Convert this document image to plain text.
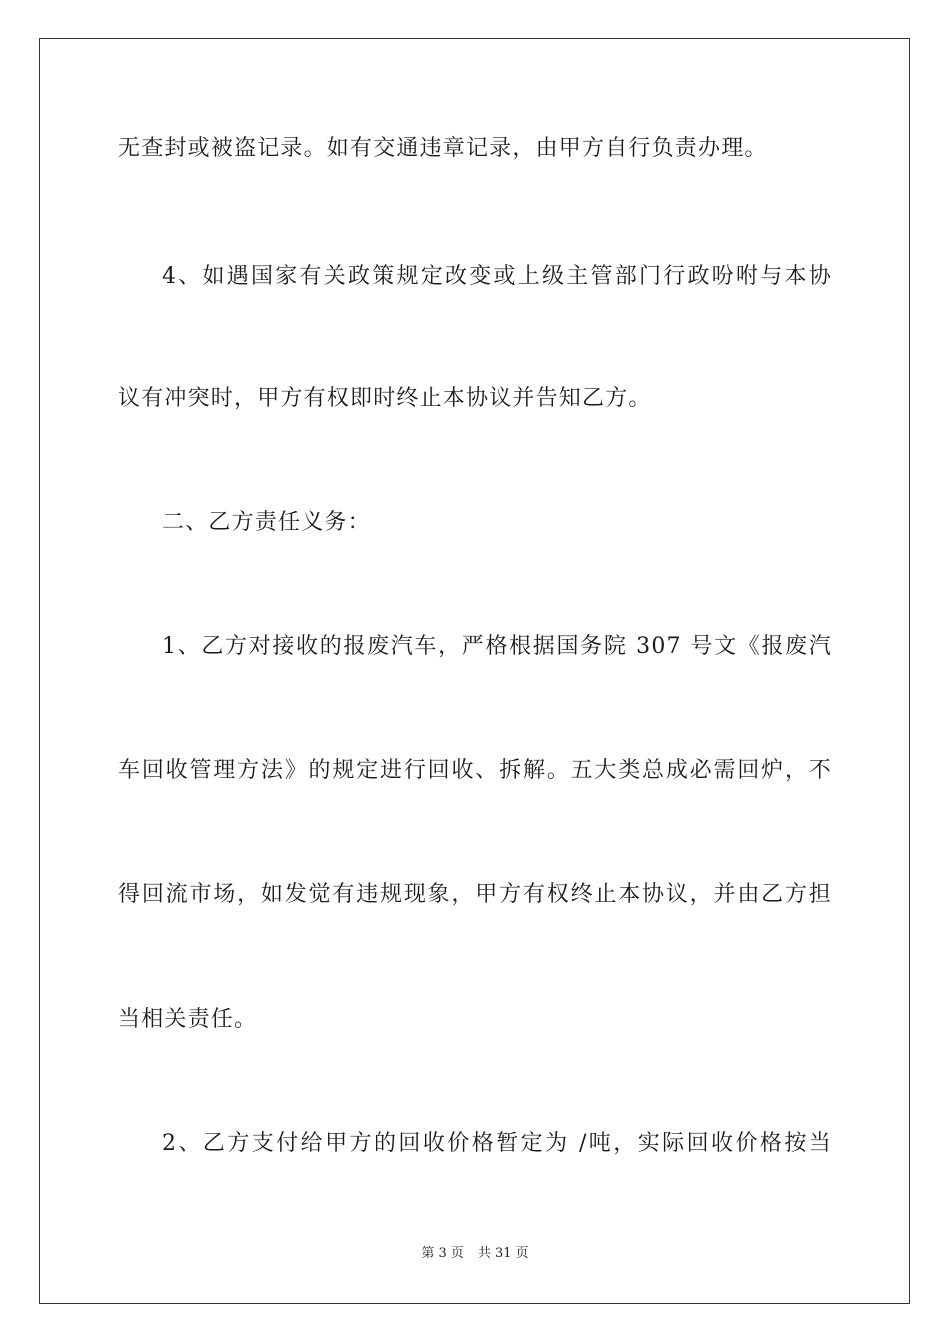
无查封或被盗记录。如有交通违章记录，由甲方自行负责办理。
4、如遇国家有关政策规定改变或上级主管部门行政吩咐与本协
议有冲突时，甲方有权即时终止本协议并告知乙方。
二、乙方责任义务：
1、乙方对接收的报废汽车，严格根据国务院 307 号文《报废汽
车回收管理方法》的规定进行回收、拆解。五大类总成必需回炉，不
得回流市场，如发觉有违规现象，甲方有权终止本协议，并由乙方担
当相关责任。
2、乙方支付给甲方的回收价格暂定为 /吨，实际回收价格按当
第 3 页 共 31 页
